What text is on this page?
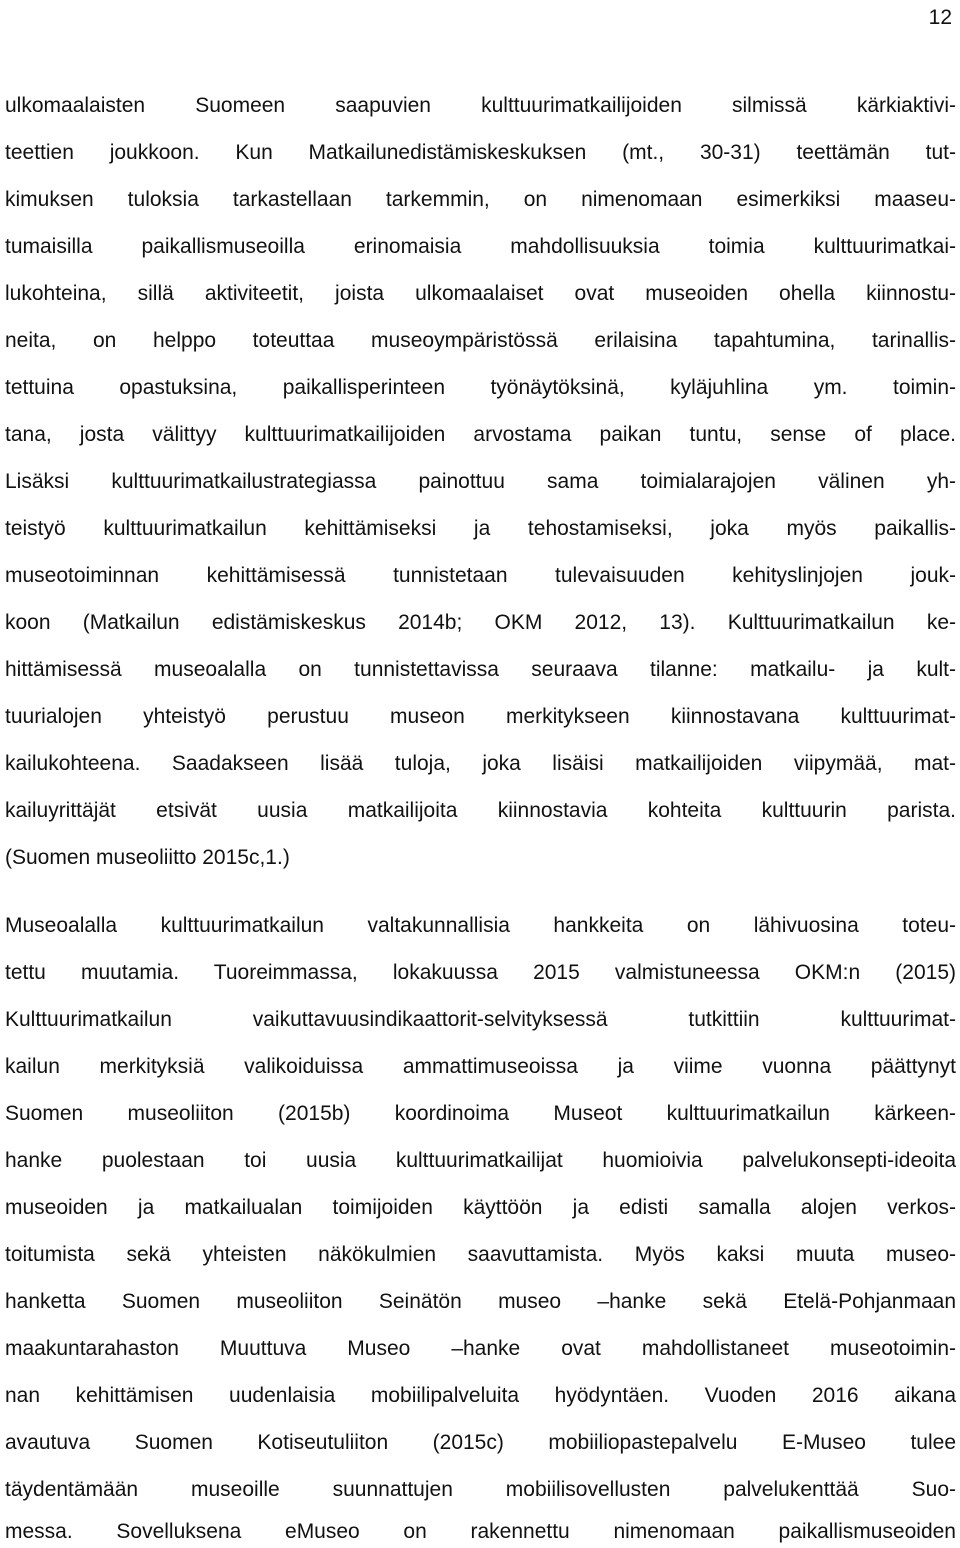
12
ulkomaalaisten Suomeen saapuvien kulttuurimatkailijoiden silmissä kärkiaktivi-
teettien joukkoon. Kun Matkailunedistämiskeskuksen (mt., 30-31) teettämän tut-
kimuksen tuloksia tarkastellaan tarkemmin, on nimenomaan esimerkiksi maaseu-
tumaisilla paikallismuseoilla erinomaisia mahdollisuuksia toimia kulttuurimatkai-
lukohteina, sillä aktiviteetit, joista ulkomaalaiset ovat museoiden ohella kiinnostu-
neita, on helppo toteuttaa museoympäristössä erilaisina tapahtumina, tarinallis-
tettuina opastuksina, paikallisperinteen työnäytöksinä, kyläjuhlina ym. toimin-
tana, josta välittyy kulttuurimatkailijoiden arvostama paikan tuntu, sense of place.
Lisäksi kulttuurimatkailustrategiassa painottuu sama toimialarajojen välinen yh-
teistyö kulttuurimatkailun kehittämiseksi ja tehostamiseksi, joka myös paikallis-
museotoiminnan kehittämisessä tunnistetaan tulevaisuuden kehityslinjojen jouk-
koon (Matkailun edistämiskeskus 2014b; OKM 2012, 13). Kulttuurimatkailun ke-
hittämisessä museoalalla on tunnistettavissa seuraava tilanne: matkailu- ja kult-
tuurialojen yhteistyö perustuu museon merkitykseen kiinnostavana kulttuurimat-
kailukohteena. Saadakseen lisää tuloja, joka lisäisi matkailijoiden viipymää, mat-
kailuyrittäjät etsivät uusia matkailijoita kiinnostavia kohteita kulttuurin parista.
(Suomen museoliitto 2015c,1.)
Museoalalla kulttuurimatkailun valtakunnallisia hankkeita on lähivuosina toteu-
tettu muutamia. Tuoreimmassa, lokakuussa 2015 valmistuneessa OKM:n (2015)
Kulttuurimatkailun vaikuttavuusindikaattorit-selvityksessä tutkittiin kulttuurimat-
kailun merkityksiä valikoiduissa ammattimuseoissa ja viime vuonna päättynyt
Suomen museoliiton (2015b) koordinoima Museot kulttuurimatkailun kärkeen-
hanke puolestaan toi uusia kulttuurimatkailijat huomioivia palvelukonsepti-ideoita
museoiden ja matkailualan toimijoiden käyttöön ja edisti samalla alojen verkos-
toitumista sekä yhteisten näkökulmien saavuttamista. Myös kaksi muuta museo-
hanketta Suomen museoliiton Seinätön museo –hanke sekä Etelä-Pohjanmaan
maakuntarahaston Muuttuva Museo –hanke ovat mahdollistaneet museotoimin-
nan kehittämisen uudenlaisia mobiilipalveluita hyödyntäen. Vuoden 2016 aikana
avautuva Suomen Kotiseutuliiton (2015c) mobiiliopastepalvelu E-Museo tulee
täydentämään museoille suunnattujen mobiilisovellusten palvelukenttää Suo-
messa. Sovelluksena eMuseo on rakennettu nimenomaan paikallismuseoiden
